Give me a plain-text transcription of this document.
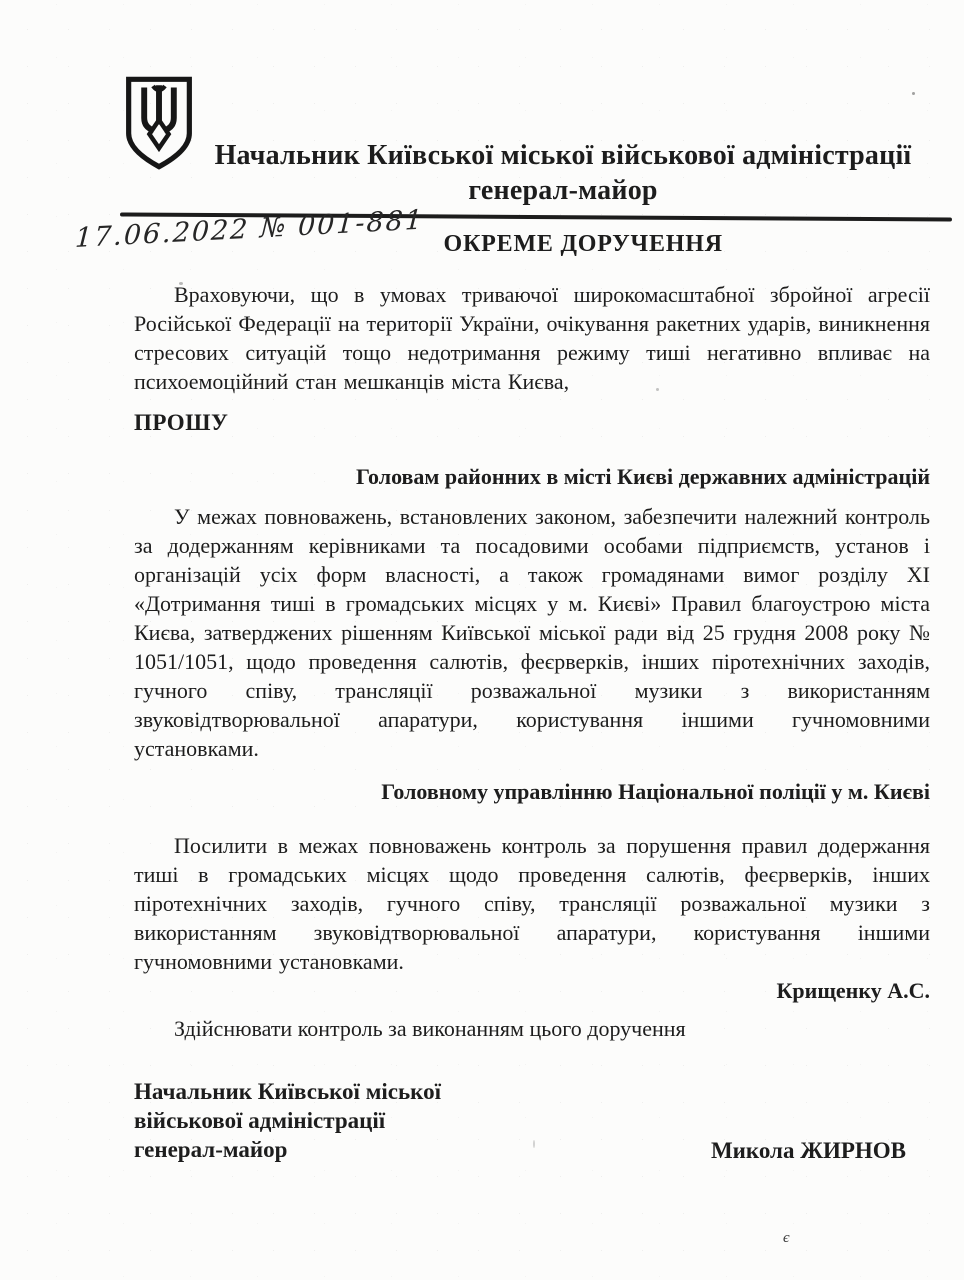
Начальник Київської міської військової адміністрації
генерал-майор
17.06.2022 № 001-881 ОКРЕМЕ ДОРУЧЕННЯ

Враховуючи, що в умовах триваючої широкомасштабної збройної агресії Російської Федерації на території України, очікування ракетних ударів, виникнення стресових ситуацій тощо недотримання режиму тиші негативно впливає на психоемоційний стан мешканців міста Києва,

ПРОШУ

Головам районних в місті Києві державних адміністрацій

У межах повноважень, встановлених законом, забезпечити належний контроль за додержанням керівниками та посадовими особами підприємств, установ і організацій усіх форм власності, а також громадянами вимог розділу XI «Дотримання тиші в громадських місцях у м. Києві» Правил благоустрою міста Києва, затверджених рішенням Київської міської ради від 25 грудня 2008 року № 1051/1051, щодо проведення салютів, феєрверків, інших піротехнічних заходів, гучного співу, трансляції розважальної музики з використанням звуковідтворювальної апаратури, користування іншими гучномовними установками.

Головному управлінню Національної поліції у м. Києві

Посилити в межах повноважень контроль за порушення правил додержання тиші в громадських місцях щодо проведення салютів, феєрверків, інших піротехнічних заходів, гучного співу, трансляції розважальної музики з використанням звуковідтворювальної апаратури, користування іншими гучномовними установками.

Крищенку А.С.

Здійснювати контроль за виконанням цього доручення

Начальник Київської міської
військової адміністрації
генерал-майор	Микола ЖИРНОВ
є
